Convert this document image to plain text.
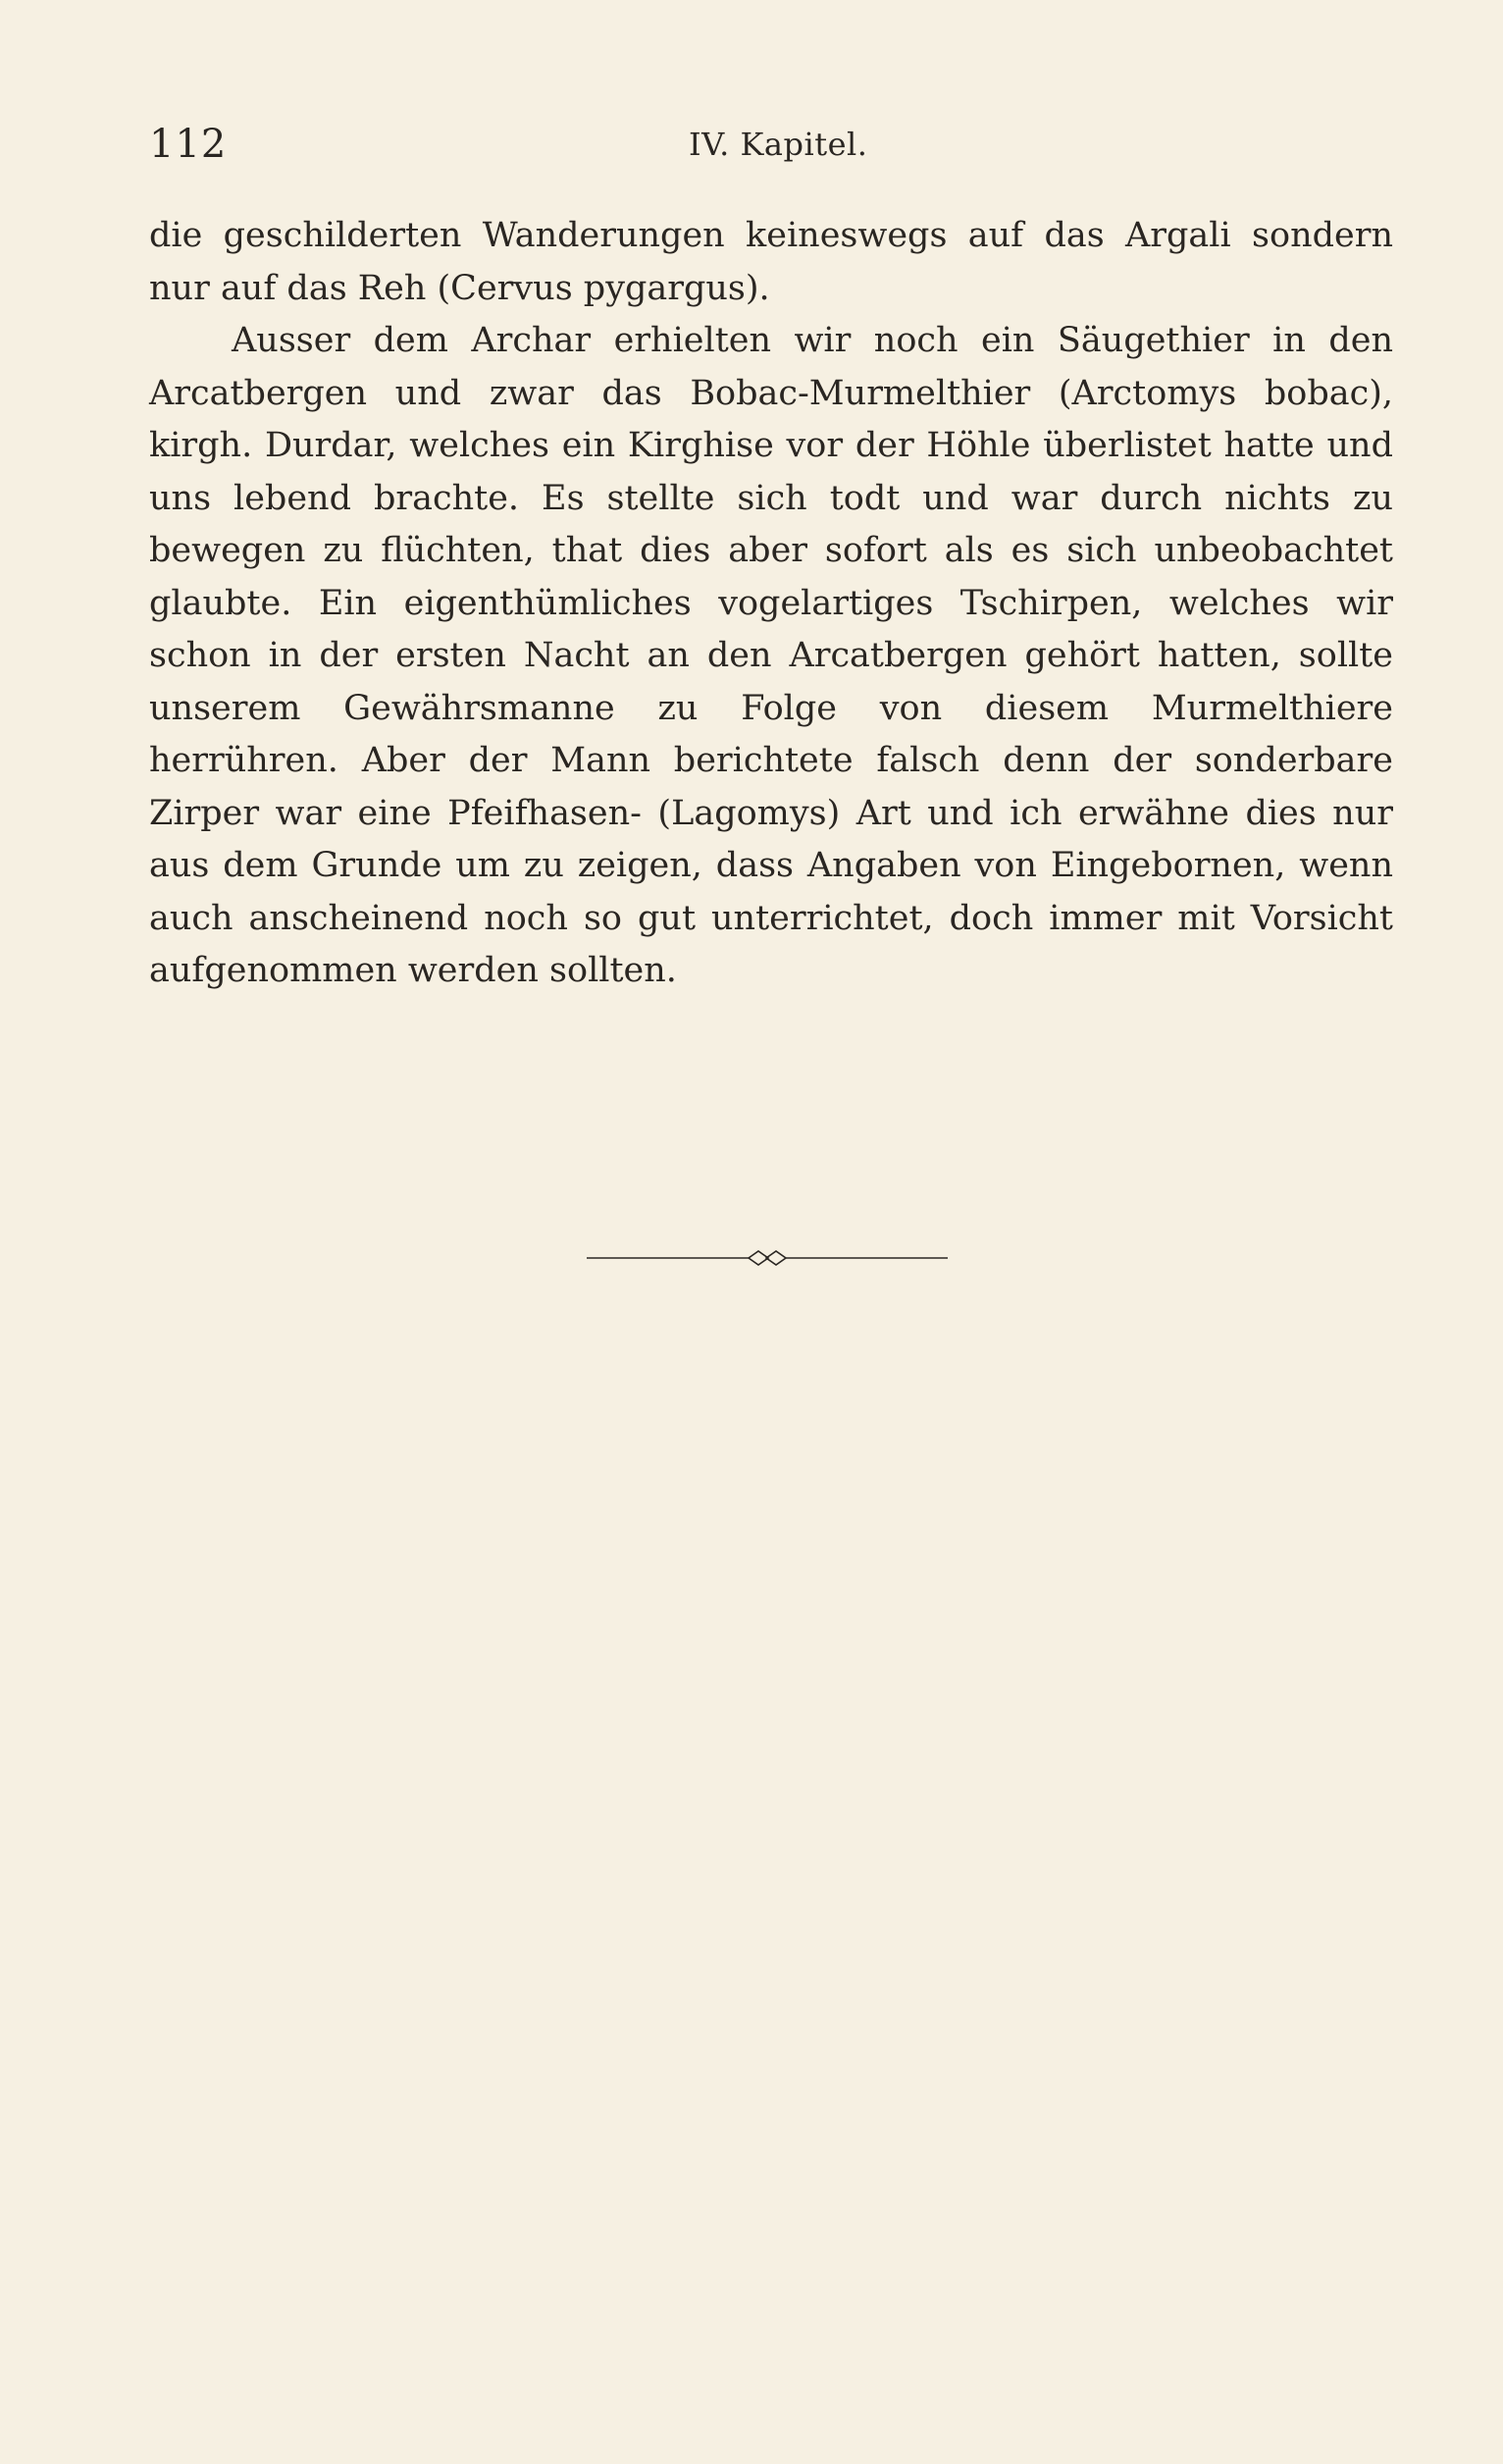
112	IV. Kapitel.

die geschilderten Wanderungen keineswegs auf das Argali sondern nur auf das Reh (Cervus pygargus).

Ausser dem Archar erhielten wir noch ein Säugethier in den Arcatbergen und zwar das Bobac-Murmelthier (Arctomys bobac), kirgh. Durdar, welches ein Kirghise vor der Höhle überlistet hatte und uns lebend brachte. Es stellte sich todt und war durch nichts zu bewegen zu flüchten, that dies aber sofort als es sich unbeobachtet glaubte. Ein eigenthümliches vogelartiges Tschirpen, welches wir schon in der ersten Nacht an den Arcatbergen gehört hatten, sollte unserem Gewährsmanne zu Folge von diesem Murmelthiere herrühren. Aber der Mann berichtete falsch denn der sonderbare Zirper war eine Pfeifhasen- (Lagomys) Art und ich erwähne dies nur aus dem Grunde um zu zeigen, dass Angaben von Eingebornen, wenn auch anscheinend noch so gut unterrichtet, doch immer mit Vorsicht aufgenommen werden sollten.
